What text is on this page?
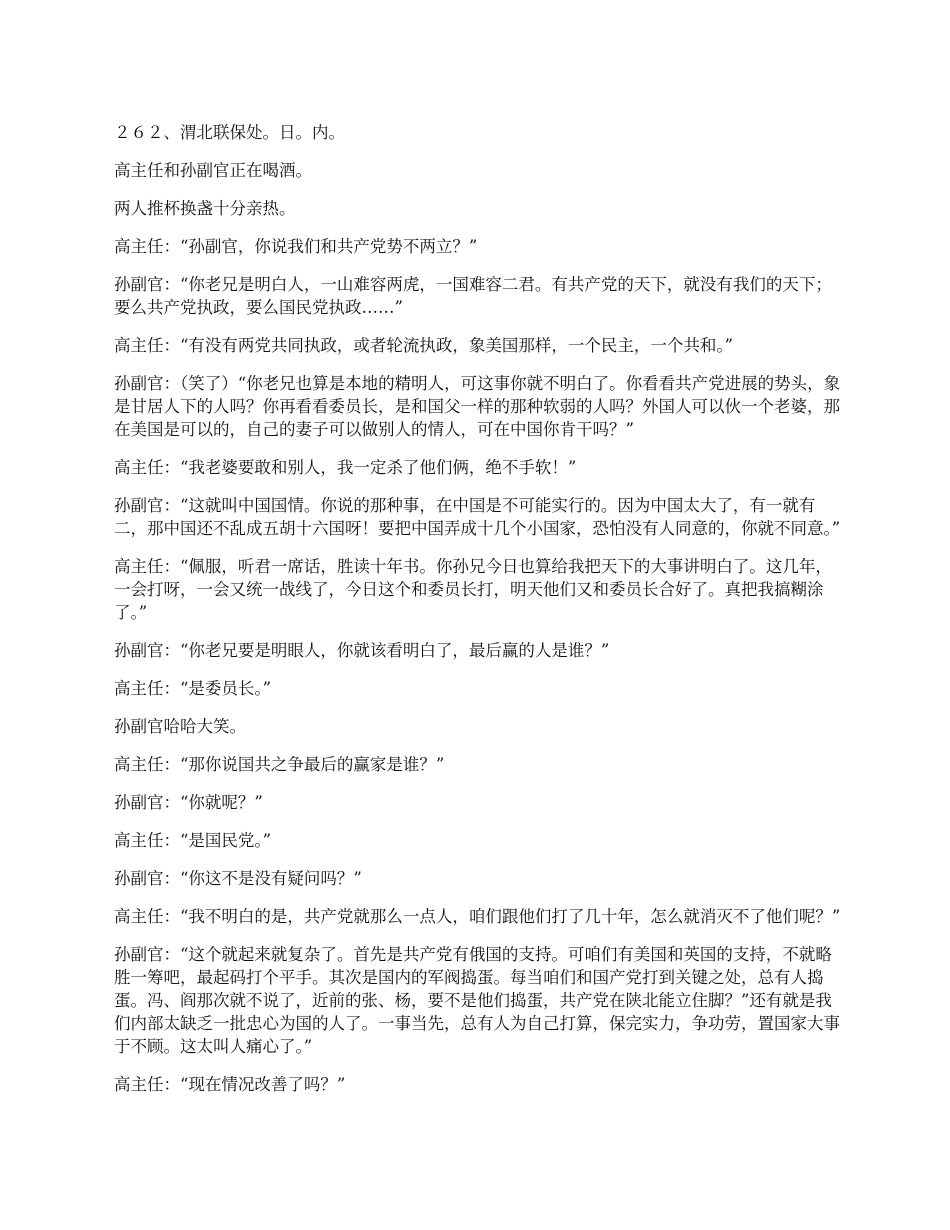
２６２、渭北联保处。日。内。

高主任和孙副官正在喝酒。

两人推杯换盏十分亲热。

高主任：“孙副官，你说我们和共产党势不两立？”

孙副官：“你老兄是明白人，一山难容两虎，一国难容二君。有共产党的天下，就没有我们的天下；要么共产党执政，要么国民党执政……”

高主任：“有没有两党共同执政，或者轮流执政，象美国那样，一个民主，一个共和。”

孙副官：（笑了）“你老兄也算是本地的精明人，可这事你就不明白了。你看看共产党进展的势头，象是甘居人下的人吗？你再看看委员长，是和国父一样的那种软弱的人吗？外国人可以伙一个老婆，那在美国是可以的，自己的妻子可以做别人的情人，可在中国你肯干吗？”

高主任：“我老婆要敢和别人，我一定杀了他们俩，绝不手软！”

孙副官：“这就叫中国国情。你说的那种事，在中国是不可能实行的。因为中国太大了，有一就有二，那中国还不乱成五胡十六国呀！要把中国弄成十几个小国家，恐怕没有人同意的，你就不同意。”

高主任：“佩服，听君一席话，胜读十年书。你孙兄今日也算给我把天下的大事讲明白了。这几年，一会打呀，一会又统一战线了，今日这个和委员长打，明天他们又和委员长合好了。真把我搞糊涂了。”

孙副官：“你老兄要是明眼人，你就该看明白了，最后赢的人是谁？”

高主任：“是委员长。”

孙副官哈哈大笑。

高主任：“那你说国共之争最后的赢家是谁？”

孙副官：“你就呢？”

高主任：“是国民党。”

孙副官：“你这不是没有疑问吗？”

高主任：“我不明白的是，共产党就那么一点人，咱们跟他们打了几十年，怎么就消灭不了他们呢？”

孙副官：“这个就起来就复杂了。首先是共产党有俄国的支持。可咱们有美国和英国的支持，不就略胜一筹吧，最起码打个平手。其次是国内的军阀捣蛋。每当咱们和国产党打到关键之处，总有人捣蛋。冯、阎那次就不说了，近前的张、杨，要不是他们捣蛋，共产党在陕北能立住脚？”还有就是我们内部太缺乏一批忠心为国的人了。一事当先，总有人为自己打算，保完实力，争功劳，置国家大事于不顾。这太叫人痛心了。”

高主任：“现在情况改善了吗？”
